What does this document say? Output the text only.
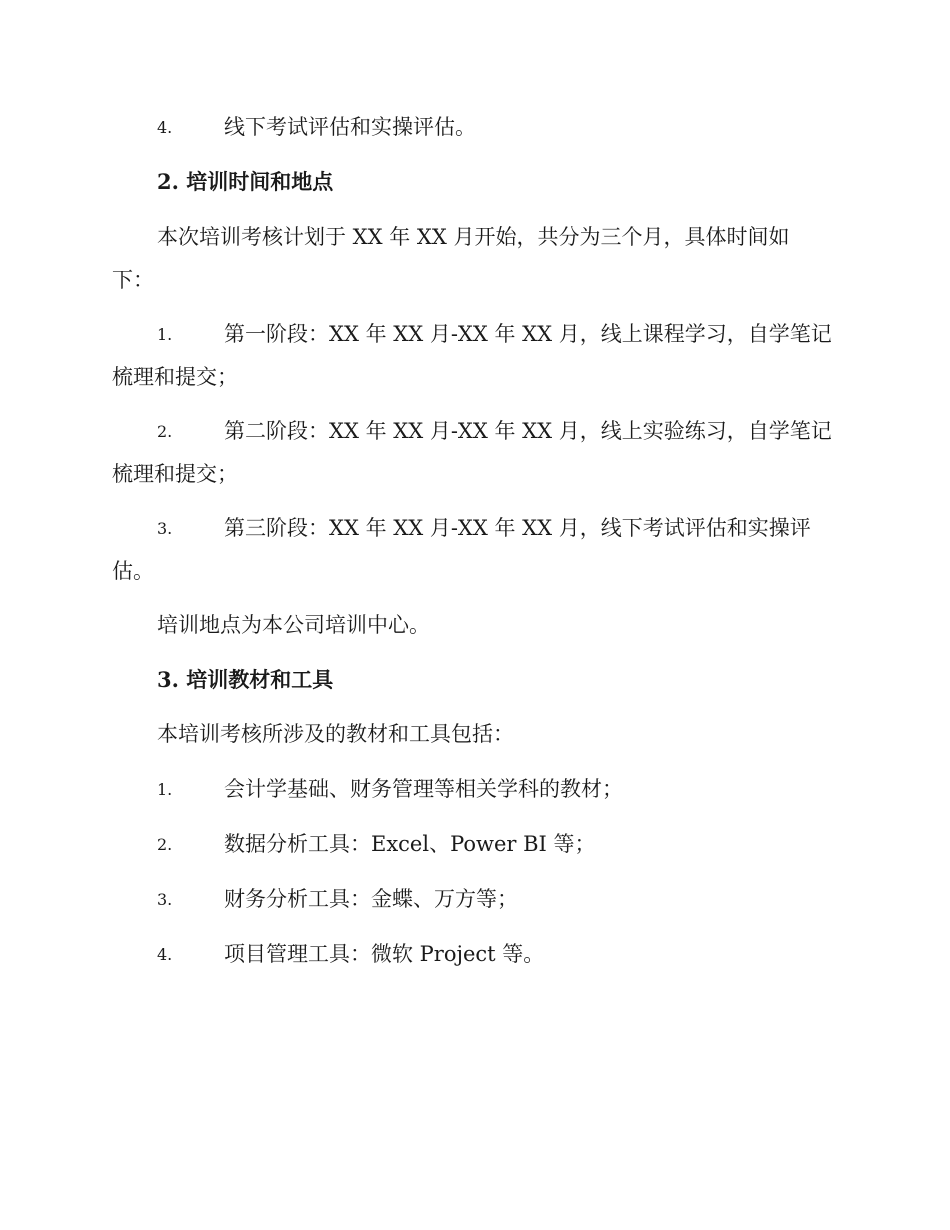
4. 线下考试评估和实操评估。
2. 培训时间和地点
本次培训考核计划于 XX 年 XX 月开始，共分为三个月，具体时间如
下：
1. 第一阶段：XX 年 XX 月-XX 年 XX 月，线上课程学习，自学笔记
梳理和提交；
2. 第二阶段：XX 年 XX 月-XX 年 XX 月，线上实验练习，自学笔记
梳理和提交；
3. 第三阶段：XX 年 XX 月-XX 年 XX 月，线下考试评估和实操评
估。
培训地点为本公司培训中心。
3. 培训教材和工具
本培训考核所涉及的教材和工具包括：
1. 会计学基础、财务管理等相关学科的教材；
2. 数据分析工具：Excel、Power BI 等；
3. 财务分析工具：金蝶、万方等；
4. 项目管理工具：微软 Project 等。
